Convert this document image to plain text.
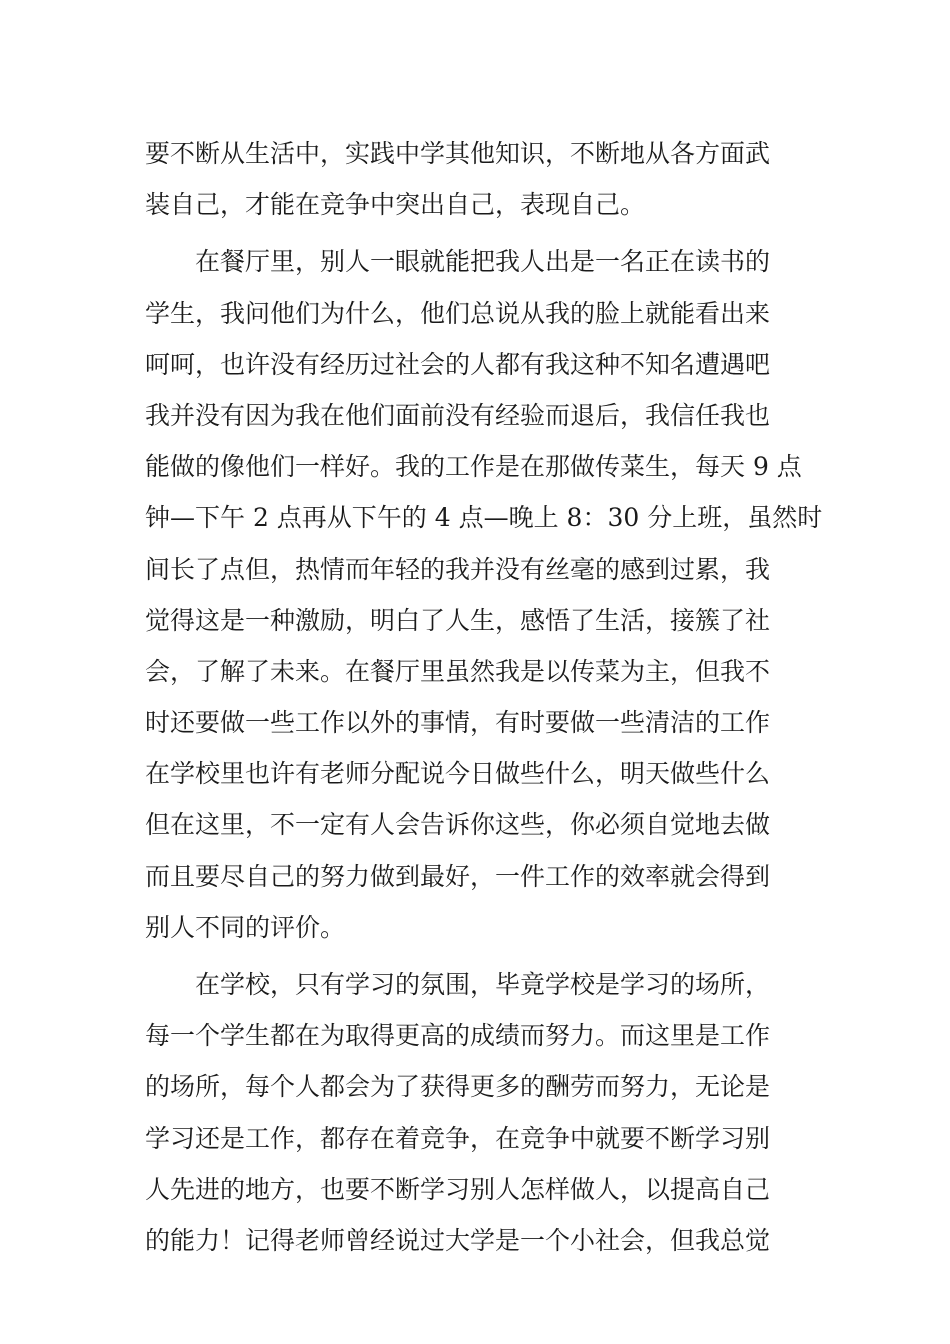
要不断从生活中，实践中学其他知识，不断地从各方面武
装自己，才能在竞争中突出自己，表现自己。
　　在餐厅里，别人一眼就能把我人出是一名正在读书的
学生，我问他们为什么，他们总说从我的脸上就能看出来
呵呵，也许没有经历过社会的人都有我这种不知名遭遇吧
我并没有因为我在他们面前没有经验而退后，我信任我也
能做的像他们一样好。我的工作是在那做传菜生，每天 9 点
钟—下午 2 点再从下午的 4 点—晚上 8：30 分上班，虽然时
间长了点但，热情而年轻的我并没有丝毫的感到过累，我
觉得这是一种激励，明白了人生，感悟了生活，接簇了社
会，了解了未来。在餐厅里虽然我是以传菜为主，但我不
时还要做一些工作以外的事情，有时要做一些清洁的工作
在学校里也许有老师分配说今日做些什么，明天做些什么
但在这里，不一定有人会告诉你这些，你必须自觉地去做
而且要尽自己的努力做到最好，一件工作的效率就会得到
别人不同的评价。
　　在学校，只有学习的氛围，毕竟学校是学习的场所，
每一个学生都在为取得更高的成绩而努力。而这里是工作
的场所，每个人都会为了获得更多的酬劳而努力，无论是
学习还是工作，都存在着竞争，在竞争中就要不断学习别
人先进的地方，也要不断学习别人怎样做人，以提高自己
的能力！记得老师曾经说过大学是一个小社会，但我总觉
